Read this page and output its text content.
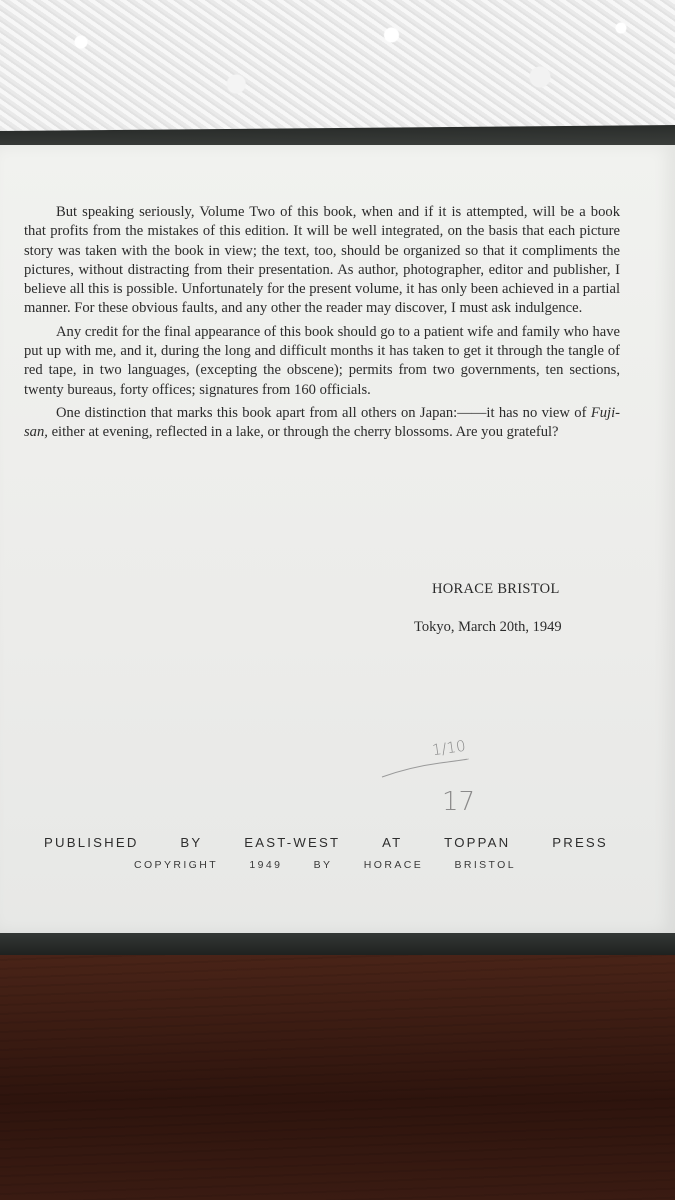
But speaking seriously, Volume Two of this book, when and if it is attempted, will be a book that profits from the mistakes of this edition. It will be well integrated, on the basis that each picture story was taken with the book in view; the text, too, should be organized so that it compliments the pictures, without distracting from their presentation. As author, photographer, editor and publisher, I believe all this is possible. Unfortunately for the present volume, it has only been achieved in a partial manner. For these obvious faults, and any other the reader may discover, I must ask indulgence.

Any credit for the final appearance of this book should go to a patient wife and family who have put up with me, and it, during the long and difficult months it has taken to get it through the tangle of red tape, in two languages, (excepting the obscene); permits from two governments, ten sections, twenty bureaus, forty offices; signatures from 160 officials.

One distinction that marks this book apart from all others on Japan:——it has no view of Fuji-san, either at evening, reflected in a lake, or through the cherry blossoms. Are you grateful?

HORACE BRISTOL
Tokyo, March 20th, 1949
1/10
17
PUBLISHED	BY	EAST-WEST	AT	TOPPAN	PRESS
COPYRIGHT	1949	BY	HORACE	BRISTOL
